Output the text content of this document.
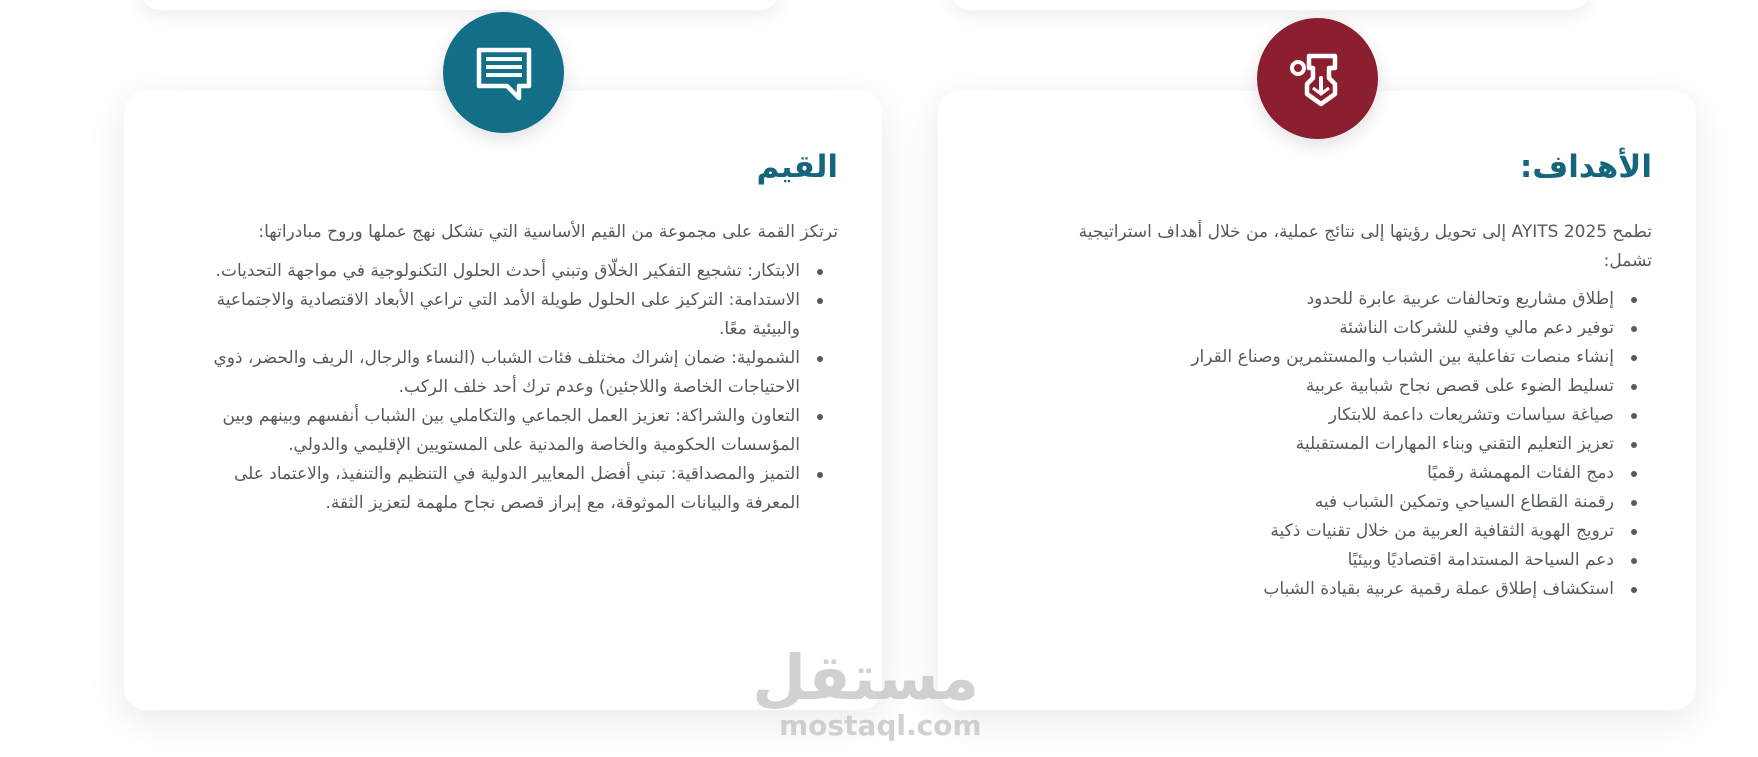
الأهداف:

تطمح AYITS 2025 إلى تحويل رؤيتها إلى نتائج عملية، من خلال أهداف استراتيجية تشمل:

إطلاق مشاريع وتحالفات عربية عابرة للحدود
توفير دعم مالي وفني للشركات الناشئة
إنشاء منصات تفاعلية بين الشباب والمستثمرين وصناع القرار
تسليط الضوء على قصص نجاح شبابية عربية
صياغة سياسات وتشريعات داعمة للابتكار
تعزيز التعليم التقني وبناء المهارات المستقبلية
دمج الفئات المهمشة رقميًا
رقمنة القطاع السياحي وتمكين الشباب فيه
ترويج الهوية الثقافية العربية من خلال تقنيات ذكية
دعم السياحة المستدامة اقتصاديًا وبيئيًا
استكشاف إطلاق عملة رقمية عربية بقيادة الشباب
القيم

ترتكز القمة على مجموعة من القيم الأساسية التي تشكل نهج عملها وروح مبادراتها:

الابتكار: تشجيع التفكير الخلّاق وتبني أحدث الحلول التكنولوجية في مواجهة التحديات.
الاستدامة: التركيز على الحلول طويلة الأمد التي تراعي الأبعاد الاقتصادية والاجتماعية والبيئية معًا.
الشمولية: ضمان إشراك مختلف فئات الشباب (النساء والرجال، الريف والحضر، ذوي الاحتياجات الخاصة واللاجئين) وعدم ترك أحد خلف الركب.
التعاون والشراكة: تعزيز العمل الجماعي والتكاملي بين الشباب أنفسهم وبينهم وبين المؤسسات الحكومية والخاصة والمدنية على المستويين الإقليمي والدولي.
التميز والمصداقية: تبني أفضل المعايير الدولية في التنظيم والتنفيذ، والاعتماد على المعرفة والبيانات الموثوقة، مع إبراز قصص نجاح ملهمة لتعزيز الثقة.
مستقل
mostaql.com
